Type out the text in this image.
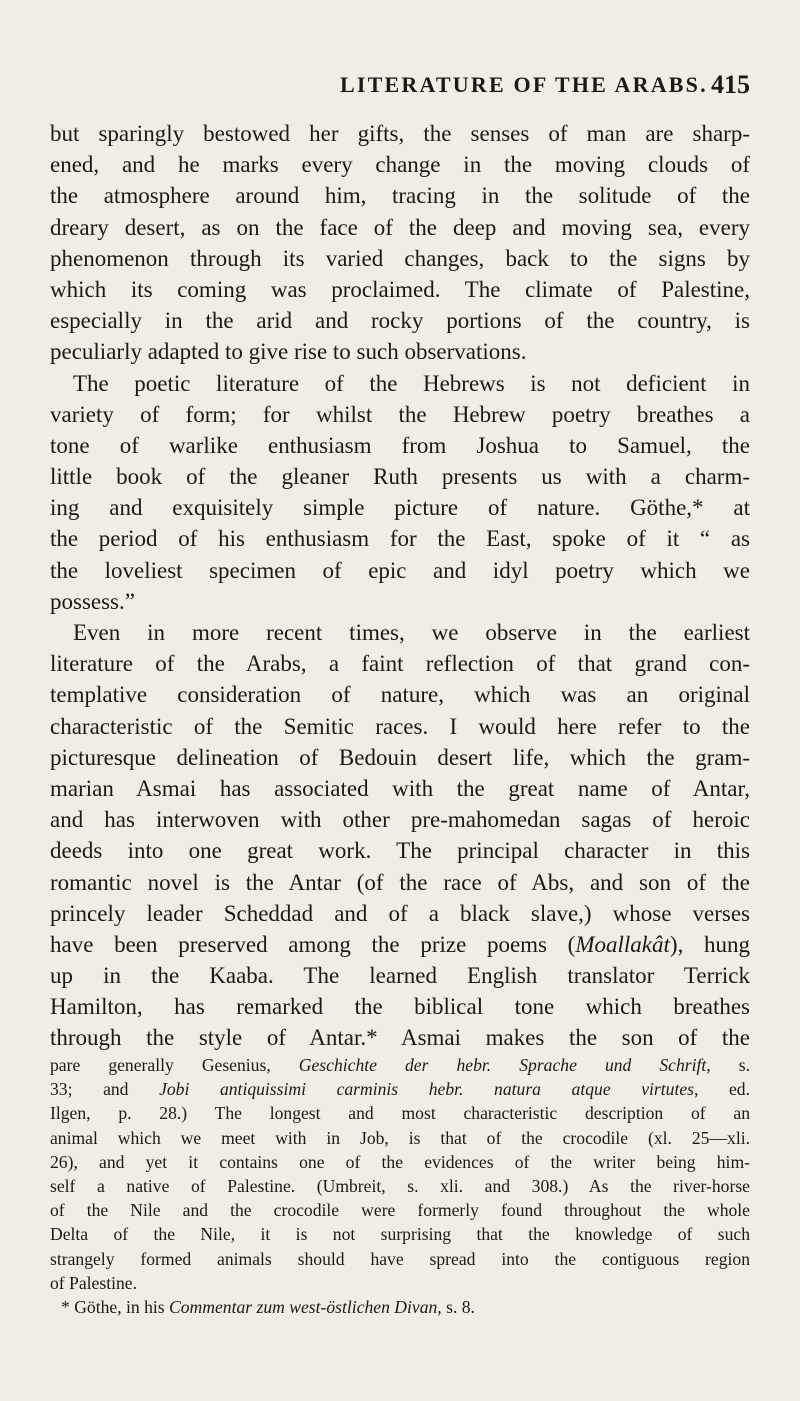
LITERATURE OF THE ARABS. 415
but sparingly bestowed her gifts, the senses of man are sharp-
ened, and he marks every change in the moving clouds of
the atmosphere around him, tracing in the solitude of the
dreary desert, as on the face of the deep and moving sea, every
phenomenon through its varied changes, back to the signs by
which its coming was proclaimed. The climate of Palestine,
especially in the arid and rocky portions of the country, is
peculiarly adapted to give rise to such observations.
The poetic literature of the Hebrews is not deficient in
variety of form; for whilst the Hebrew poetry breathes a
tone of warlike enthusiasm from Joshua to Samuel, the
little book of the gleaner Ruth presents us with a charm-
ing and exquisitely simple picture of nature. Göthe,* at
the period of his enthusiasm for the East, spoke of it “ as
the loveliest specimen of epic and idyl poetry which we
possess.”
Even in more recent times, we observe in the earliest
literature of the Arabs, a faint reflection of that grand con-
templative consideration of nature, which was an original
characteristic of the Semitic races. I would here refer to the
picturesque delineation of Bedouin desert life, which the gram-
marian Asmai has associated with the great name of Antar,
and has interwoven with other pre-mahomedan sagas of heroic
deeds into one great work. The principal character in this
romantic novel is the Antar (of the race of Abs, and son of the
princely leader Scheddad and of a black slave,) whose verses
have been preserved among the prize poems (Moallakât), hung
up in the Kaaba. The learned English translator Terrick
Hamilton, has remarked the biblical tone which breathes
through the style of Antar.* Asmai makes the son of the
pare generally Gesenius, Geschichte der hebr. Sprache und Schrift, s.
33; and Jobi antiquissimi carminis hebr. natura atque virtutes, ed.
Ilgen, p. 28.) The longest and most characteristic description of an
animal which we meet with in Job, is that of the crocodile (xl. 25—xli.
26), and yet it contains one of the evidences of the writer being him-
self a native of Palestine. (Umbreit, s. xli. and 308.) As the river-horse
of the Nile and the crocodile were formerly found throughout the whole
Delta of the Nile, it is not surprising that the knowledge of such
strangely formed animals should have spread into the contiguous region
of Palestine.
* Göthe, in his Commentar zum west-östlichen Divan, s. 8.
